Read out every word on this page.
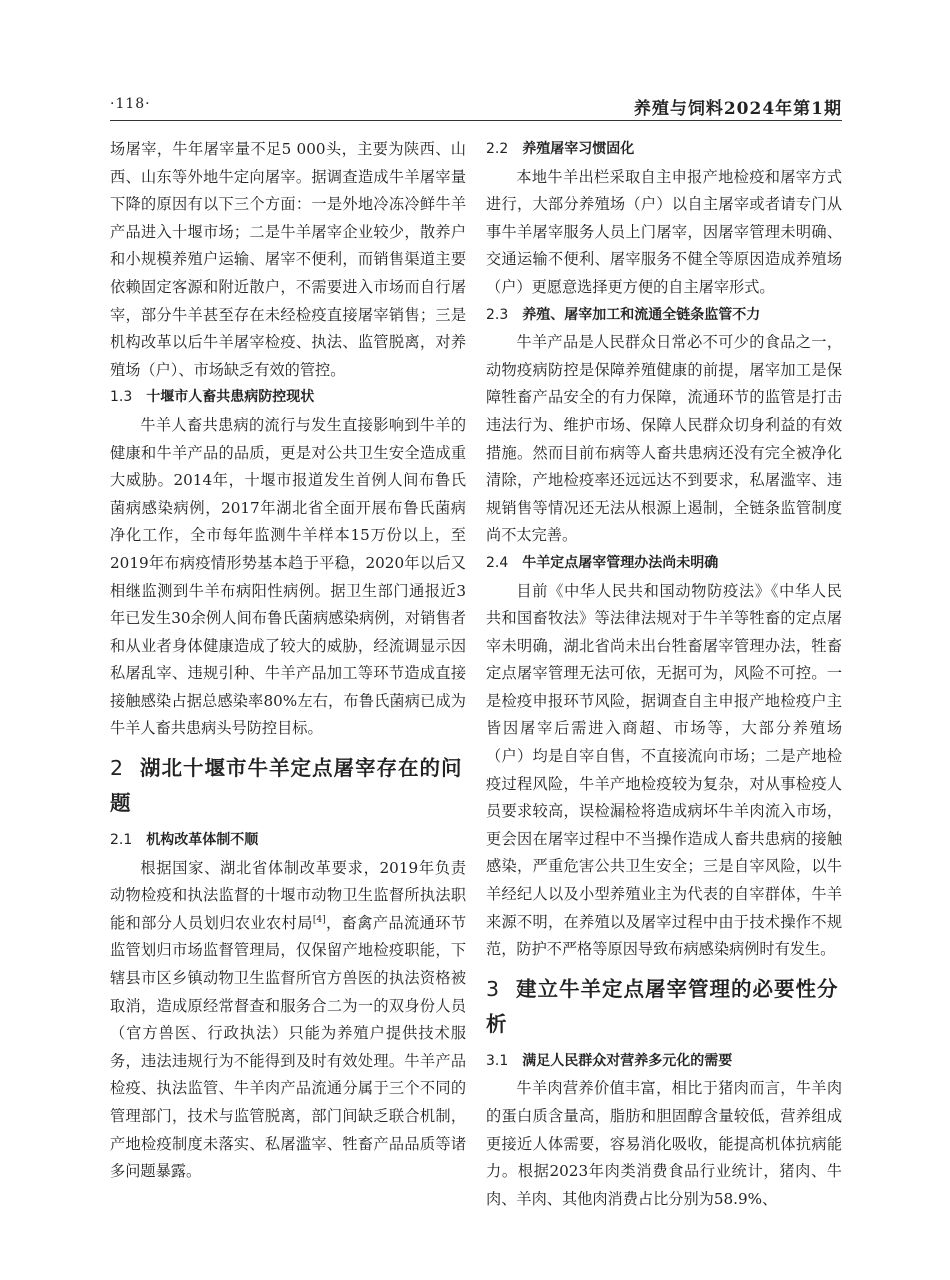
·118·	养殖与饲料2024年第1期

场屠宰，牛年屠宰量不足5 000头，主要为陕西、山西、山东等外地牛定向屠宰。据调查造成牛羊屠宰量下降的原因有以下三个方面：一是外地冷冻冷鲜牛羊产品进入十堰市场；二是牛羊屠宰企业较少，散养户和小规模养殖户运输、屠宰不便利，而销售渠道主要依赖固定客源和附近散户，不需要进入市场而自行屠宰，部分牛羊甚至存在未经检疫直接屠宰销售；三是机构改革以后牛羊屠宰检疫、执法、监管脱离，对养殖场（户）、市场缺乏有效的管控。

1.3 十堰市人畜共患病防控现状

牛羊人畜共患病的流行与发生直接影响到牛羊的健康和牛羊产品的品质，更是对公共卫生安全造成重大威胁。2014年，十堰市报道发生首例人间布鲁氏菌病感染病例，2017年湖北省全面开展布鲁氏菌病净化工作，全市每年监测牛羊样本15万份以上，至2019年布病疫情形势基本趋于平稳，2020年以后又相继监测到牛羊布病阳性病例。据卫生部门通报近3年已发生30余例人间布鲁氏菌病感染病例，对销售者和从业者身体健康造成了较大的威胁，经流调显示因私屠乱宰、违规引种、牛羊产品加工等环节造成直接接触感染占据总感染率80%左右，布鲁氏菌病已成为牛羊人畜共患病头号防控目标。

2 湖北十堰市牛羊定点屠宰存在的问题
2.1 机构改革体制不顺

根据国家、湖北省体制改革要求，2019年负责动物检疫和执法监督的十堰市动物卫生监督所执法职能和部分人员划归农业农村局[4]，畜禽产品流通环节监管划归市场监督管理局，仅保留产地检疫职能，下辖县市区乡镇动物卫生监督所官方兽医的执法资格被取消，造成原经常督查和服务合二为一的双身份人员（官方兽医、行政执法）只能为养殖户提供技术服务，违法违规行为不能得到及时有效处理。牛羊产品检疫、执法监管、牛羊肉产品流通分属于三个不同的管理部门，技术与监管脱离，部门间缺乏联合机制，产地检疫制度未落实、私屠滥宰、牲畜产品品质等诸多问题暴露。

2.2 养殖屠宰习惯固化

本地牛羊出栏采取自主申报产地检疫和屠宰方式进行，大部分养殖场（户）以自主屠宰或者请专门从事牛羊屠宰服务人员上门屠宰，因屠宰管理未明确、交通运输不便利、屠宰服务不健全等原因造成养殖场（户）更愿意选择更方便的自主屠宰形式。

2.3 养殖、屠宰加工和流通全链条监管不力

牛羊产品是人民群众日常必不可少的食品之一，动物疫病防控是保障养殖健康的前提，屠宰加工是保障牲畜产品安全的有力保障，流通环节的监管是打击违法行为、维护市场、保障人民群众切身利益的有效措施。然而目前布病等人畜共患病还没有完全被净化清除，产地检疫率还远远达不到要求，私屠滥宰、违规销售等情况还无法从根源上遏制，全链条监管制度尚不太完善。

2.4 牛羊定点屠宰管理办法尚未明确

目前《中华人民共和国动物防疫法》《中华人民共和国畜牧法》等法律法规对于牛羊等牲畜的定点屠宰未明确，湖北省尚未出台牲畜屠宰管理办法，牲畜定点屠宰管理无法可依，无据可为，风险不可控。一是检疫申报环节风险，据调查自主申报产地检疫户主皆因屠宰后需进入商超、市场等，大部分养殖场（户）均是自宰自售，不直接流向市场；二是产地检疫过程风险，牛羊产地检疫较为复杂，对从事检疫人员要求较高，误检漏检将造成病坏牛羊肉流入市场，更会因在屠宰过程中不当操作造成人畜共患病的接触感染，严重危害公共卫生安全；三是自宰风险，以牛羊经纪人以及小型养殖业主为代表的自宰群体，牛羊来源不明，在养殖以及屠宰过程中由于技术操作不规范，防护不严格等原因导致布病感染病例时有发生。

3 建立牛羊定点屠宰管理的必要性分析
3.1 满足人民群众对营养多元化的需要

牛羊肉营养价值丰富，相比于猪肉而言，牛羊肉的蛋白质含量高，脂肪和胆固醇含量较低，营养组成更接近人体需要，容易消化吸收，能提高机体抗病能力。根据2023年肉类消费食品行业统计，猪肉、牛肉、羊肉、其他肉消费占比分别为58.9%、
